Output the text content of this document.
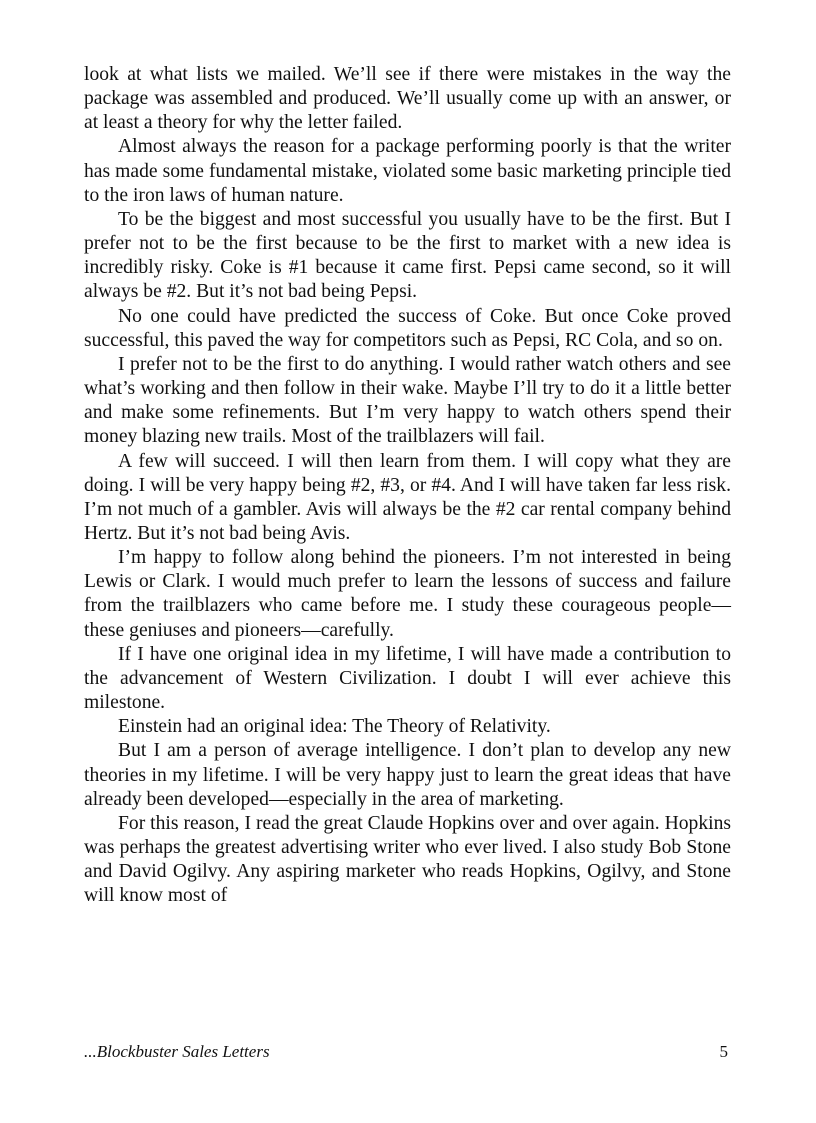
look at what lists we mailed. We’ll see if there were mistakes in the way the package was assembled and produced. We’ll usually come up with an answer, or at least a theory for why the letter failed.

Almost always the reason for a package performing poorly is that the writer has made some fundamental mistake, violated some basic marketing principle tied to the iron laws of human nature.

To be the biggest and most successful you usually have to be the first. But I prefer not to be the first because to be the first to market with a new idea is incredibly risky. Coke is #1 because it came first. Pepsi came second, so it will always be #2. But it’s not bad being Pepsi.

No one could have predicted the success of Coke. But once Coke proved successful, this paved the way for competitors such as Pepsi, RC Cola, and so on.

I prefer not to be the first to do anything. I would rather watch others and see what’s working and then follow in their wake. Maybe I’ll try to do it a little better and make some refinements. But I’m very happy to watch others spend their money blazing new trails. Most of the trailblazers will fail.

A few will succeed. I will then learn from them. I will copy what they are doing. I will be very happy being #2, #3, or #4. And I will have taken far less risk. I’m not much of a gambler. Avis will always be the #2 car rental company behind Hertz. But it’s not bad being Avis.

I’m happy to follow along behind the pioneers. I’m not interested in being Lewis or Clark. I would much prefer to learn the lessons of success and failure from the trailblazers who came before me. I study these courageous people—these geniuses and pioneers—carefully.

If I have one original idea in my lifetime, I will have made a contribution to the advancement of Western Civilization. I doubt I will ever achieve this milestone.

Einstein had an original idea: The Theory of Relativity.

But I am a person of average intelligence. I don’t plan to develop any new theories in my lifetime. I will be very happy just to learn the great ideas that have already been developed—especially in the area of marketing.

For this reason, I read the great Claude Hopkins over and over again. Hopkins was perhaps the greatest advertising writer who ever lived. I also study Bob Stone and David Ogilvy. Any aspiring marketer who reads Hopkins, Ogilvy, and Stone will know most of

...Blockbuster Sales Letters	5
